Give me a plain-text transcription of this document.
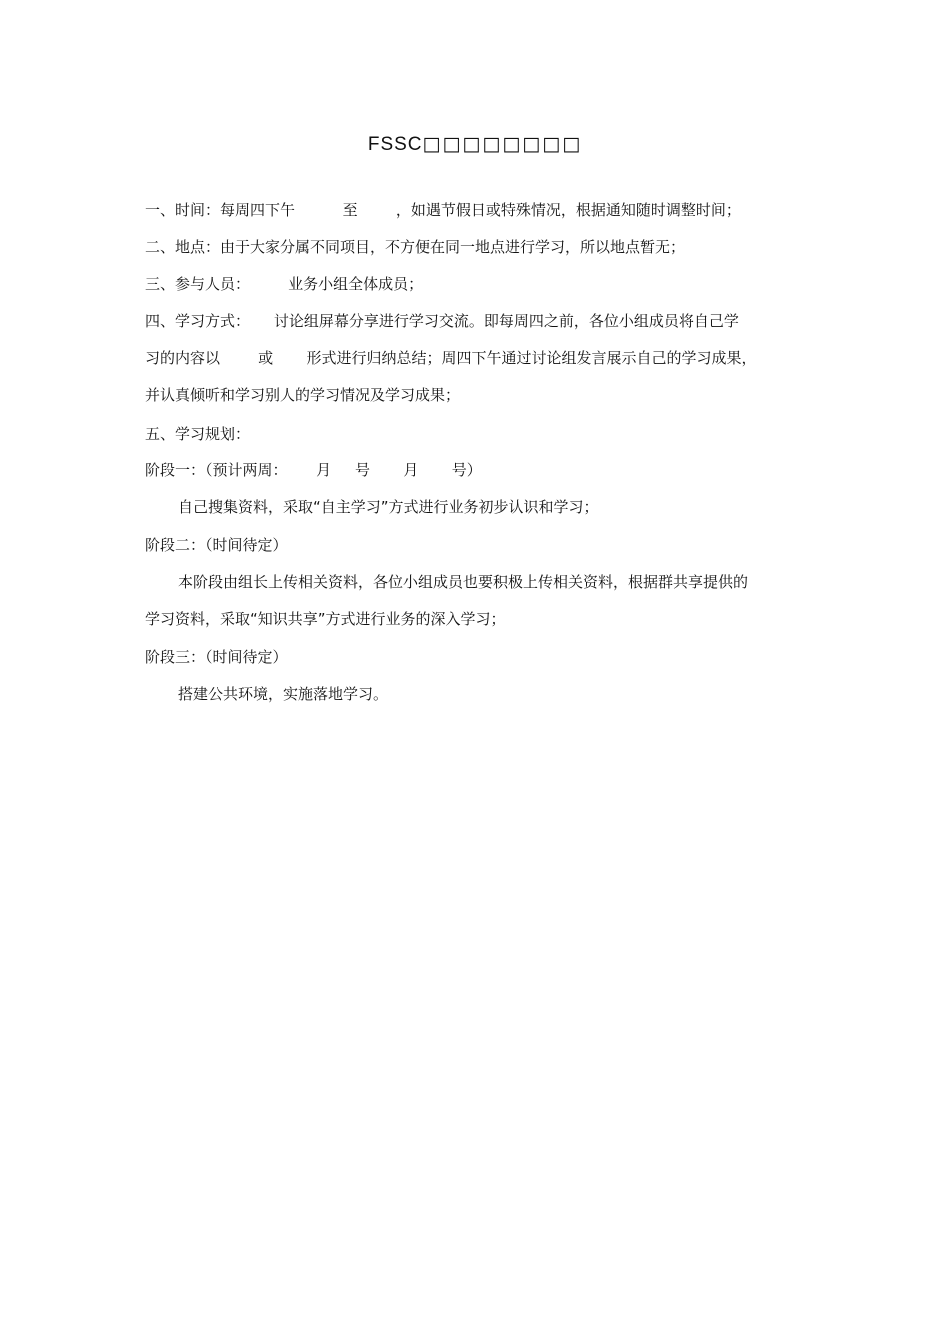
FSSC□□□□□□□□
一、时间：每周四下午          至        ，如遇节假日或特殊情况，根据通知随时调整时间；
二、地点：由于大家分属不同项目，不方便在同一地点进行学习，所以地点暂无；
三、参与人员：        业务小组全体成员；
四、学习方式：     讨论组屏幕分享进行学习交流。即每周四之前，各位小组成员将自己学
习的内容以        或       形式进行归纳总结；周四下午通过讨论组发言展示自己的学习成果，
并认真倾听和学习别人的学习情况及学习成果；
五、学习规划：
阶段一：（预计两周：      月     号       月       号）
自己搜集资料，采取“自主学习”方式进行业务初步认识和学习；
阶段二：（时间待定）
本阶段由组长上传相关资料，各位小组成员也要积极上传相关资料，根据群共享提供的
学习资料，采取“知识共享”方式进行业务的深入学习；
阶段三：（时间待定）
搭建公共环境，实施落地学习。
